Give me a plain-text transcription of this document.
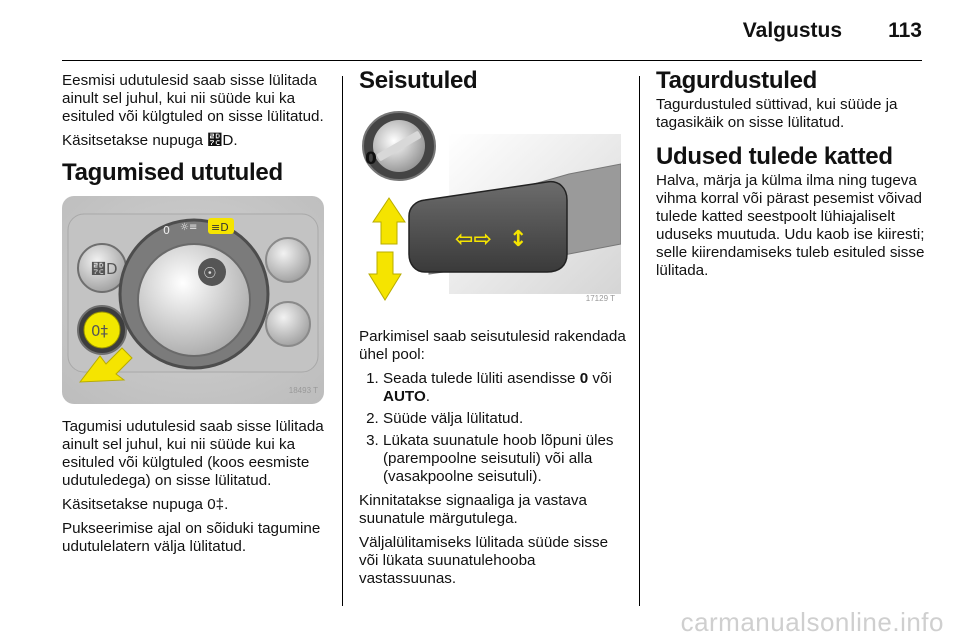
Valgustus 113

Eesmisi udutulesid saab sisse lülitada ainult sel juhul, kui nii süüde kui ka esituled või külgtuled on sisse lülitatud.

Käsitsetakse nupuga ⵼D.

Tagumised ututuled
⵼D
0‡
0 ☼≡ ≡D
☉
18493 T

Tagumisi udutulesid saab sisse lülitada ainult sel juhul, kui nii süüde kui ka esituled või külgtuled (koos eesmiste udutuledega) on sisse lülitatud.

Käsitsetakse nupuga 0‡.

Pukseerimise ajal on sõiduki tagumine udutulelatern välja lülitatud.

Seisutuled
0
⇦⇨ ↕
17129 T

Parkimisel saab seisutulesid rakendada ühel pool:

1. Seada tulede lüliti asendisse 0 või AUTO.
2. Süüde välja lülitatud.
3. Lükata suunatule hoob lõpuni üles (parempoolne seisutuli) või alla (vasakpoolne seisutuli).

Kinnitatakse signaaliga ja vastava suunatule märgutulega.

Väljalülitamiseks lülitada süüde sisse või lükata suunatulehooba vastassuunas.

Tagurdustuled

Tagurdustuled süttivad, kui süüde ja tagasikäik on sisse lülitatud.

Udused tulede katted

Halva, märja ja külma ilma ning tugeva vihma korral või pärast pesemist võivad tulede katted seestpoolt lühiajaliselt uduseks muutuda. Udu kaob ise kiiresti; selle kiirendamiseks tuleb esituled sisse lülitada.

carmanualsonline.info
